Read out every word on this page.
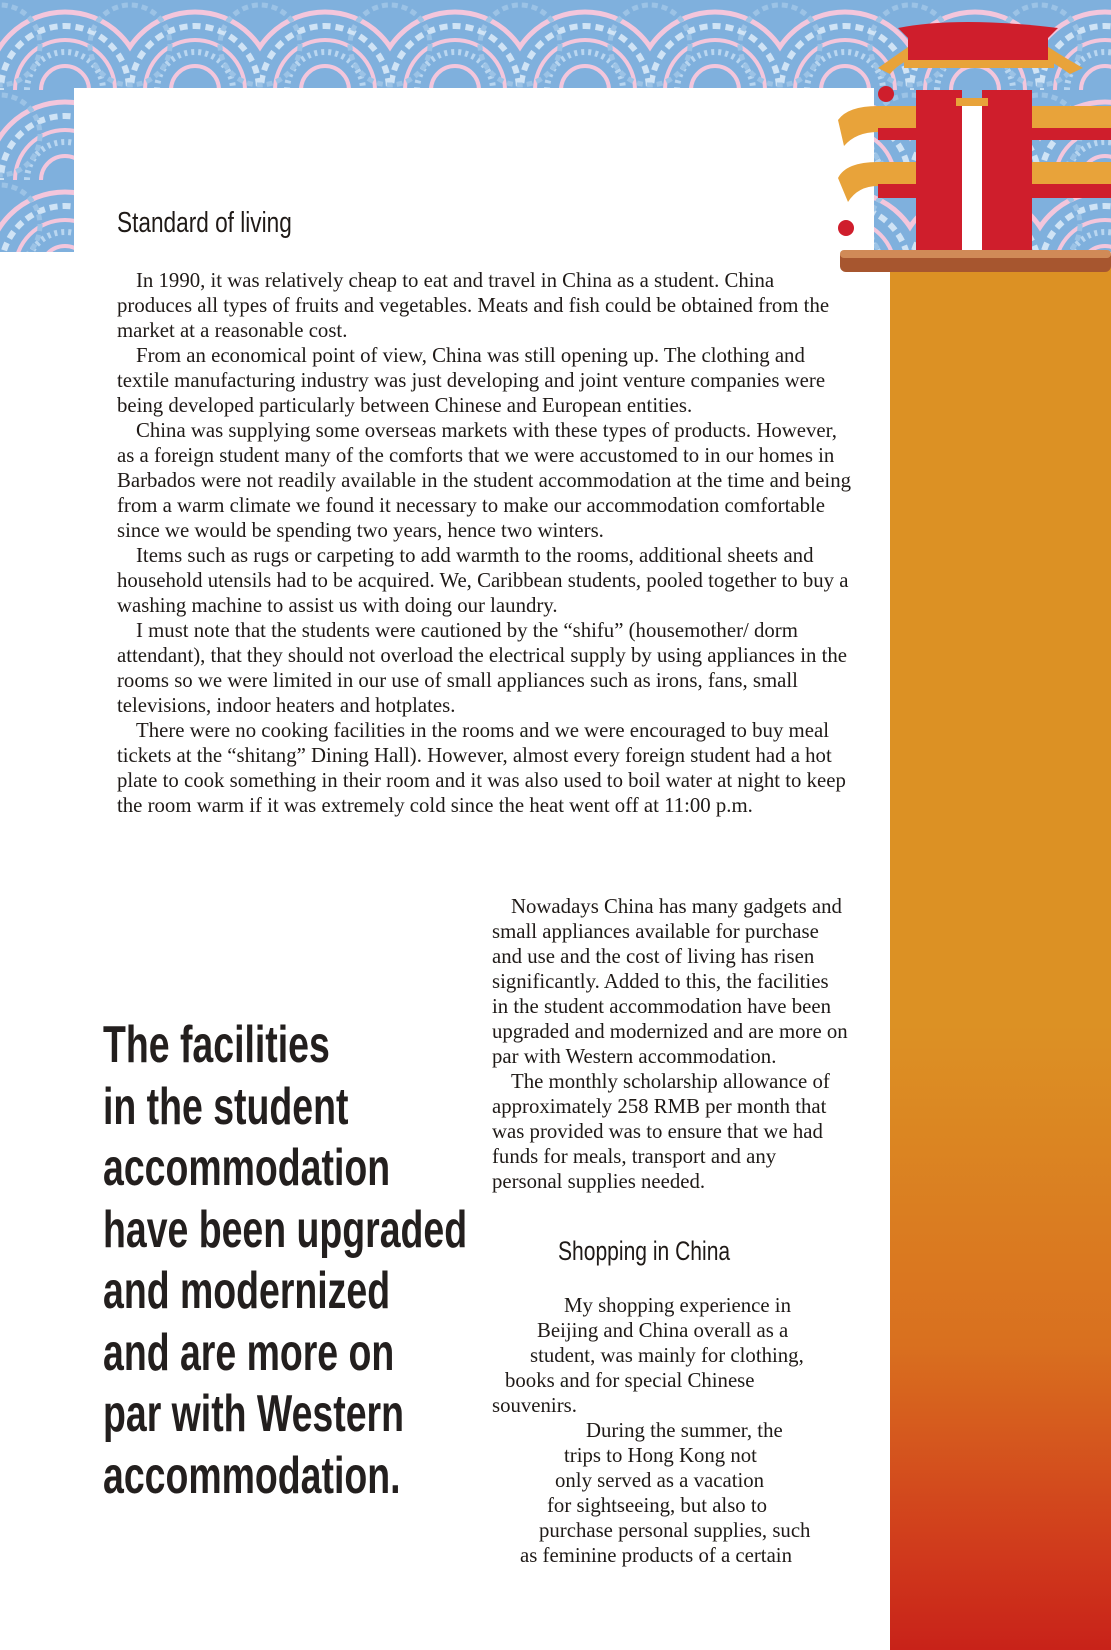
Standard of living

In 1990, it was relatively cheap to eat and travel in China as a student. China produces all types of fruits and vegetables. Meats and fish could be obtained from the market at a reasonable cost.

From an economical point of view, China was still opening up. The clothing and textile manufacturing industry was just developing and joint venture companies were being developed particularly between Chinese and European entities.

China was supplying some overseas markets with these types of products. However, as a foreign student many of the comforts that we were accustomed to in our homes in Barbados were not readily available in the student accommodation at the time and being from a warm climate we found it necessary to make our accommodation comfortable since we would be spending two years, hence two winters.

Items such as rugs or carpeting to add warmth to the rooms, additional sheets and household utensils had to be acquired. We, Caribbean students, pooled together to buy a washing machine to assist us with doing our laundry.

I must note that the students were cautioned by the “shifu” (housemother/ dorm attendant), that they should not overload the electrical supply by using appliances in the rooms so we were limited in our use of small appliances such as irons, fans, small televisions, indoor heaters and hotplates.

There were no cooking facilities in the rooms and we were encouraged to buy meal tickets at the “shitang” Dining Hall). However, almost every foreign student had a hot plate to cook something in their room and it was also used to boil water at night to keep the room warm if it was extremely cold since the heat went off at 11:00 p.m.

Nowadays China has many gadgets and small appliances available for purchase and use and the cost of living has risen significantly. Added to this, the facilities in the student accommodation have been upgraded and modernized and are more on par with Western accommodation.

The monthly scholarship allowance of approximately 258 RMB per month that was provided was to ensure that we had funds for meals, transport and any personal supplies needed.

The facilities
in the student
accommodation
have been upgraded
and modernized
and are more on
par with Western
accommodation.
Shopping in China
My shopping experience in
Beijing and China overall as a
student, was mainly for clothing,
books and for special Chinese
souvenirs.
During the summer, the
trips to Hong Kong not
only served as a vacation
for sightseeing, but also to
purchase personal supplies, such
as feminine products of a certain
